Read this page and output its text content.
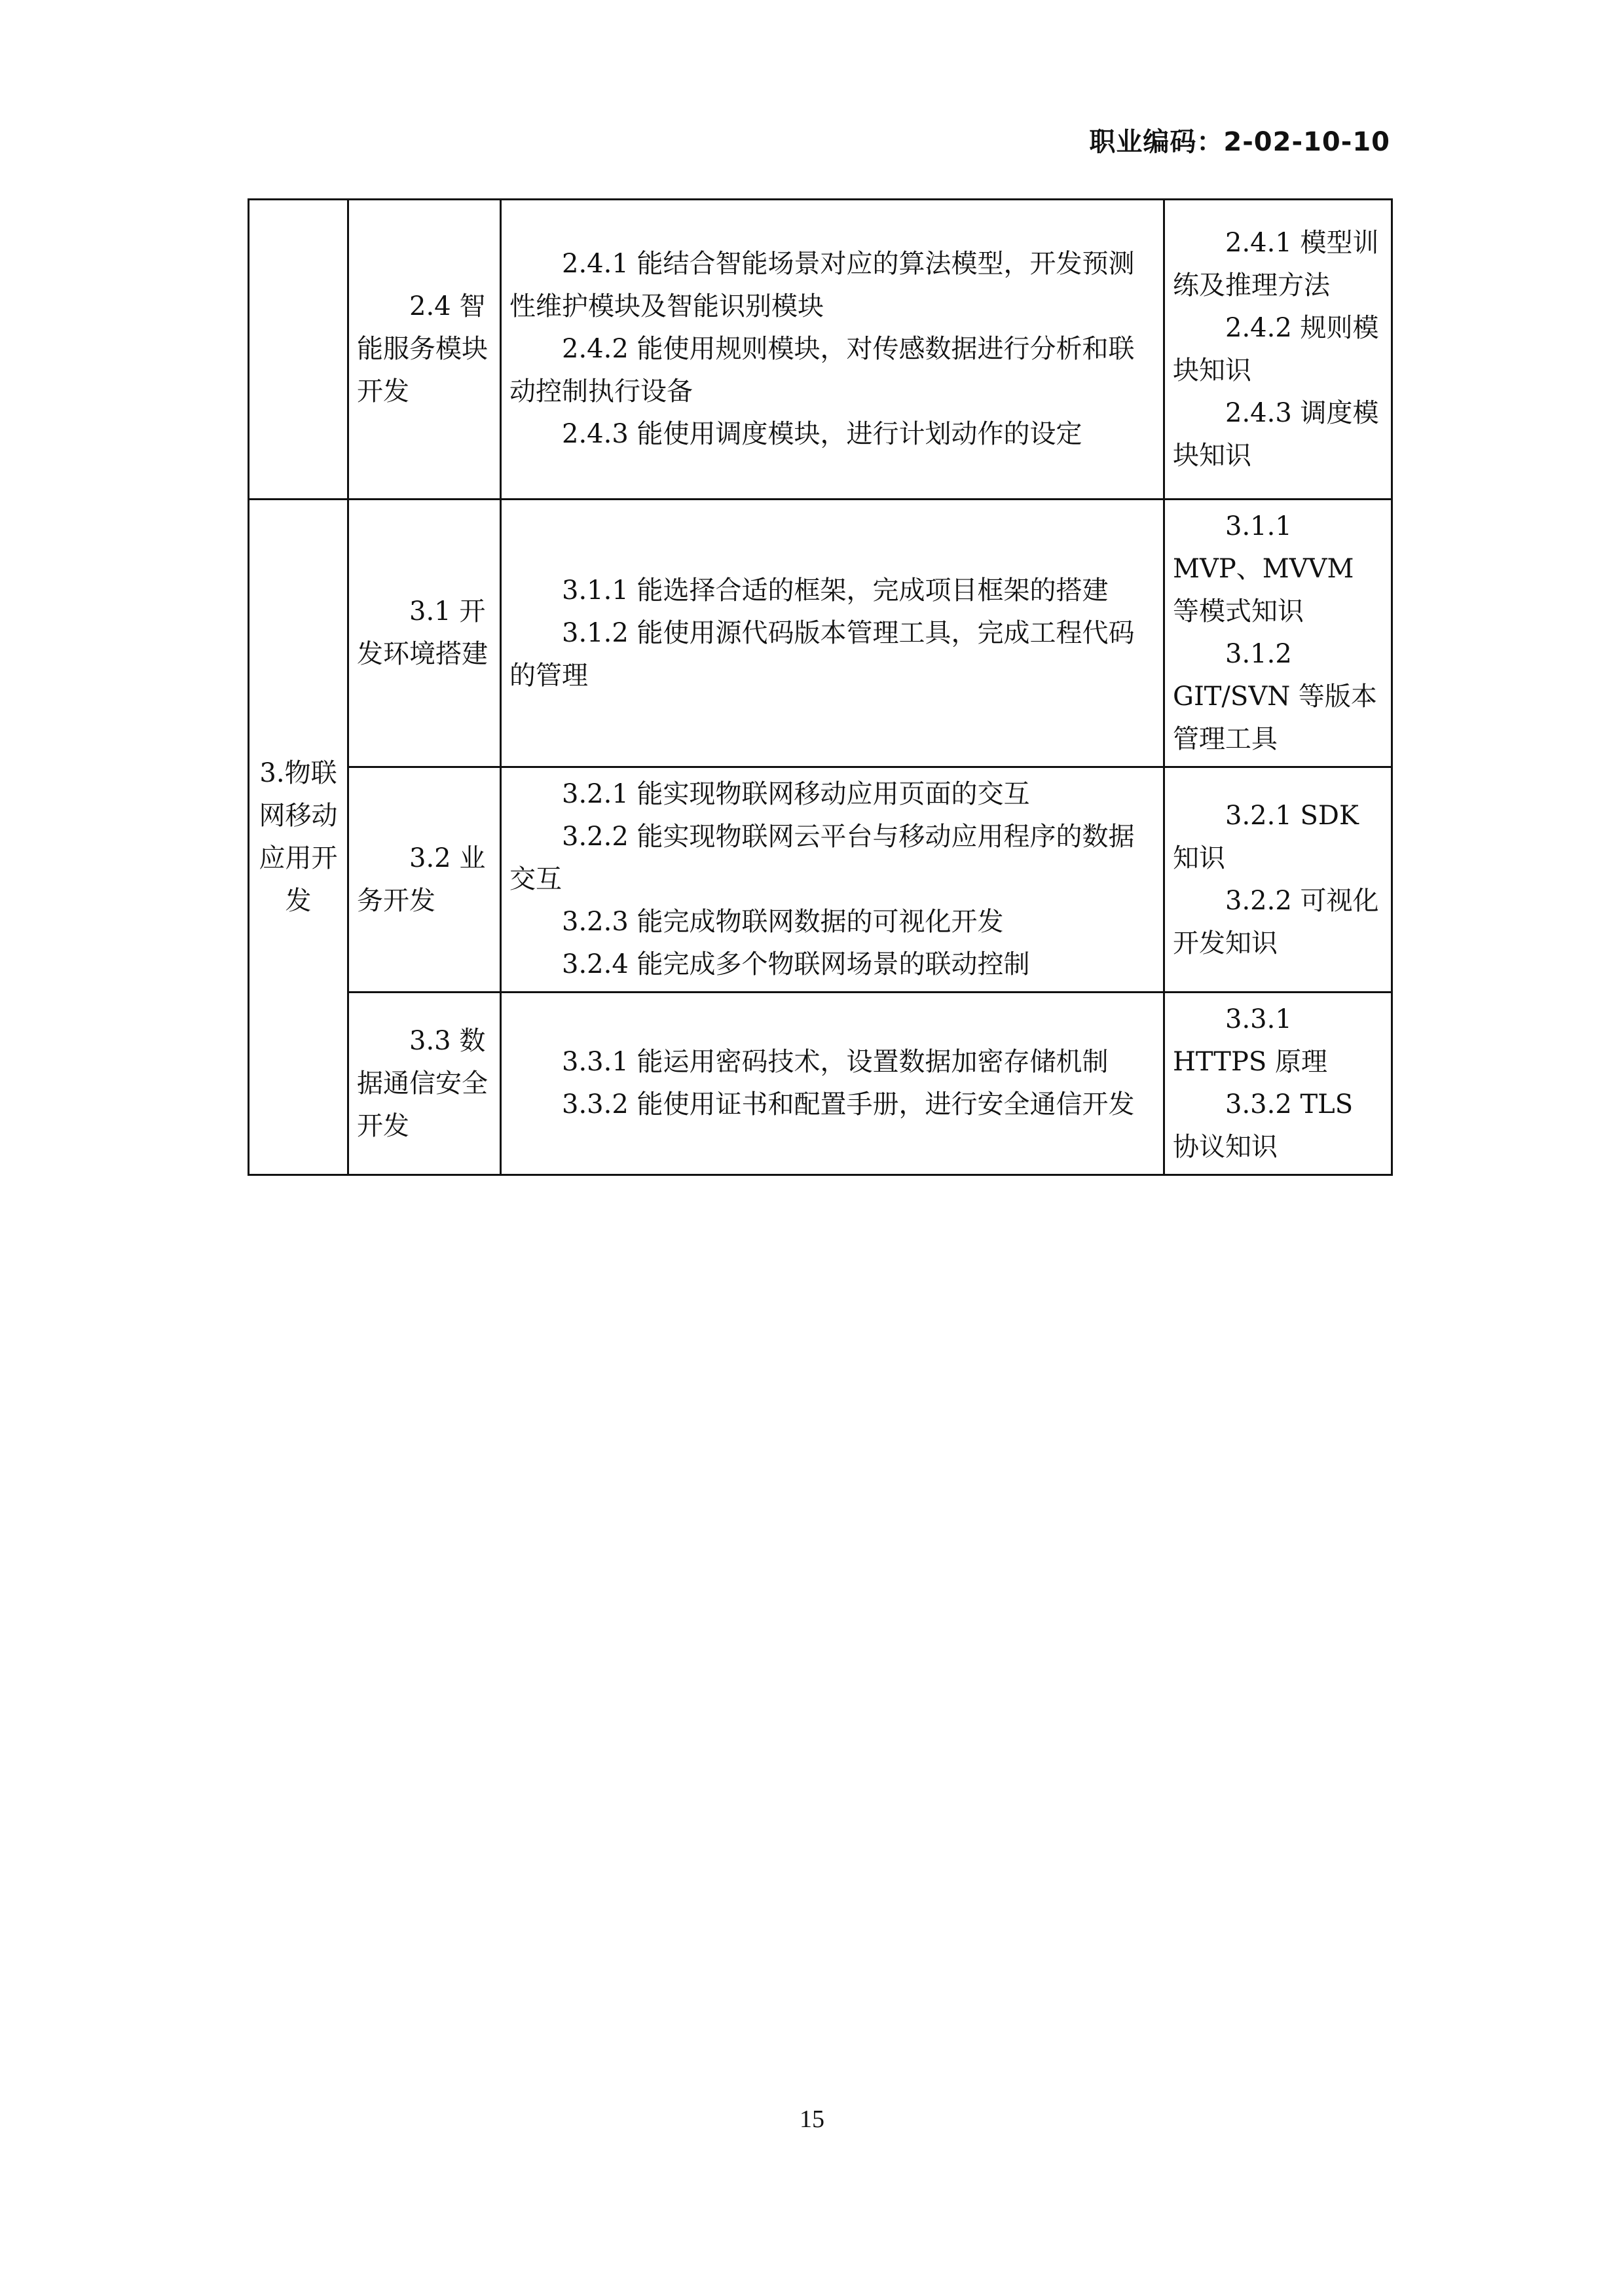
职业编码：2-02-10-10

	2.4 智能服务模块开发	2.4.1 能结合智能场景对应的算法模型，开发预测性维护模块及智能识别模块
2.4.2 能使用规则模块，对传感数据进行分析和联动控制执行设备
2.4.3 能使用调度模块，进行计划动作的设定	2.4.1 模型训练及推理方法
2.4.2 规则模块知识
2.4.3 调度模块知识

3.物联网移动应用开发	3.1 开发环境搭建	3.1.1 能选择合适的框架，完成项目框架的搭建
3.1.2 能使用源代码版本管理工具，完成工程代码的管理	3.1.1 MVP、MVVM 等模式知识
3.1.2 GIT/SVN 等版本管理工具

	3.2 业务开发	3.2.1 能实现物联网移动应用页面的交互
3.2.2 能实现物联网云平台与移动应用程序的数据交互
3.2.3 能完成物联网数据的可视化开发
3.2.4 能完成多个物联网场景的联动控制	3.2.1 SDK 知识
3.2.2 可视化开发知识

	3.3 数据通信安全开发	3.3.1 能运用密码技术，设置数据加密存储机制
3.3.2 能使用证书和配置手册，进行安全通信开发	3.3.1 HTTPS 原理
3.3.2 TLS 协议知识
15
